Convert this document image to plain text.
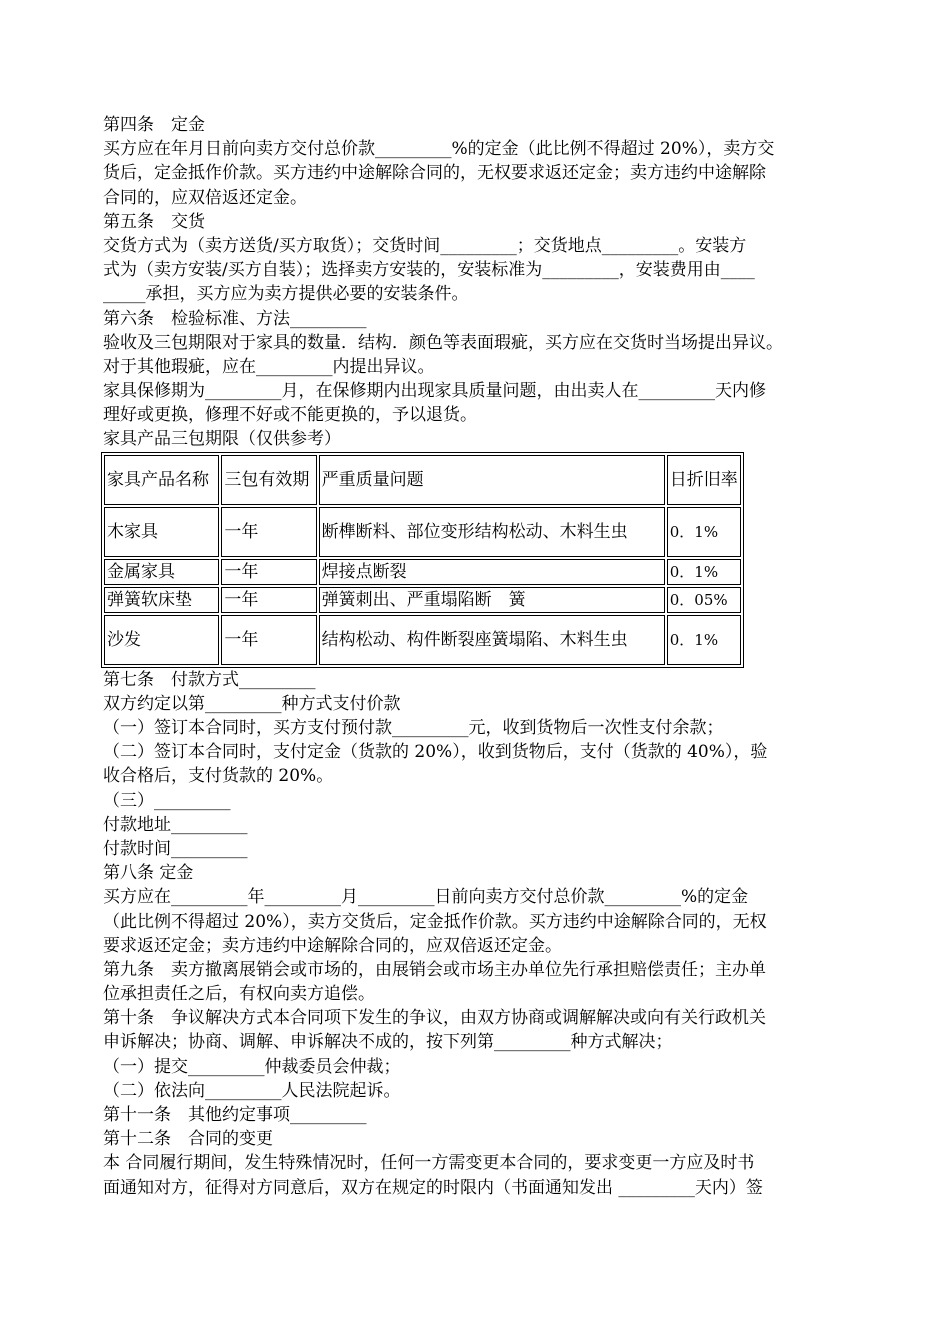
第四条　定金
买方应在年月日前向卖方交付总价款_________%的定金（此比例不得超过 20%），卖方交
货后，定金抵作价款。买方违约中途解除合同的，无权要求返还定金；卖方违约中途解除
合同的，应双倍返还定金。
第五条　交货
交货方式为（卖方送货/买方取货）；交货时间_________；交货地点_________。安装方
式为（卖方安装/买方自装）；选择卖方安装的，安装标准为_________，安装费用由____
_____承担，买方应为卖方提供必要的安装条件。
第六条　检验标准、方法_________
验收及三包期限对于家具的数量．结构．颜色等表面瑕疵，买方应在交货时当场提出异议。
对于其他瑕疵，应在_________内提出异议。
家具保修期为_________月，在保修期内出现家具质量问题，由出卖人在_________天内修
理好或更换，修理不好或不能更换的，予以退货。
家具产品三包期限（仅供参考）
家具产品名称	三包有效期	严重质量问题	日折旧率
木家具	一年	断榫断料、部位变形结构松动、木料生虫	0．1%
金属家具	一年	焊接点断裂	0．1%
弹簧软床垫	一年	弹簧刺出、严重塌陷断　簧	0．05%
沙发	一年	结构松动、构件断裂座簧塌陷、木料生虫	0．1%
第七条　付款方式_________
双方约定以第_________种方式支付价款
（一）签订本合同时，买方支付预付款_________元，收到货物后一次性支付余款；
（二）签订本合同时，支付定金（货款的 20%），收到货物后，支付（货款的 40%），验
收合格后，支付货款的 20%。
（三）_________
付款地址_________
付款时间_________
第八条 定金
买方应在_________年_________月_________日前向卖方交付总价款_________%的定金
（此比例不得超过 20%），卖方交货后，定金抵作价款。买方违约中途解除合同的，无权
要求返还定金；卖方违约中途解除合同的，应双倍返还定金。
第九条　卖方撤离展销会或市场的，由展销会或市场主办单位先行承担赔偿责任；主办单
位承担责任之后，有权向卖方追偿。
第十条　争议解决方式本合同项下发生的争议，由双方协商或调解解决或向有关行政机关
申诉解决；协商、调解、申诉解决不成的，按下列第_________种方式解决；
（一）提交_________仲裁委员会仲裁；
（二）依法向_________人民法院起诉。
第十一条　其他约定事项_________
第十二条　合同的变更
本 合同履行期间，发生特殊情况时，任何一方需变更本合同的，要求变更一方应及时书
面通知对方，征得对方同意后，双方在规定的时限内（书面通知发出 _________天内）签
